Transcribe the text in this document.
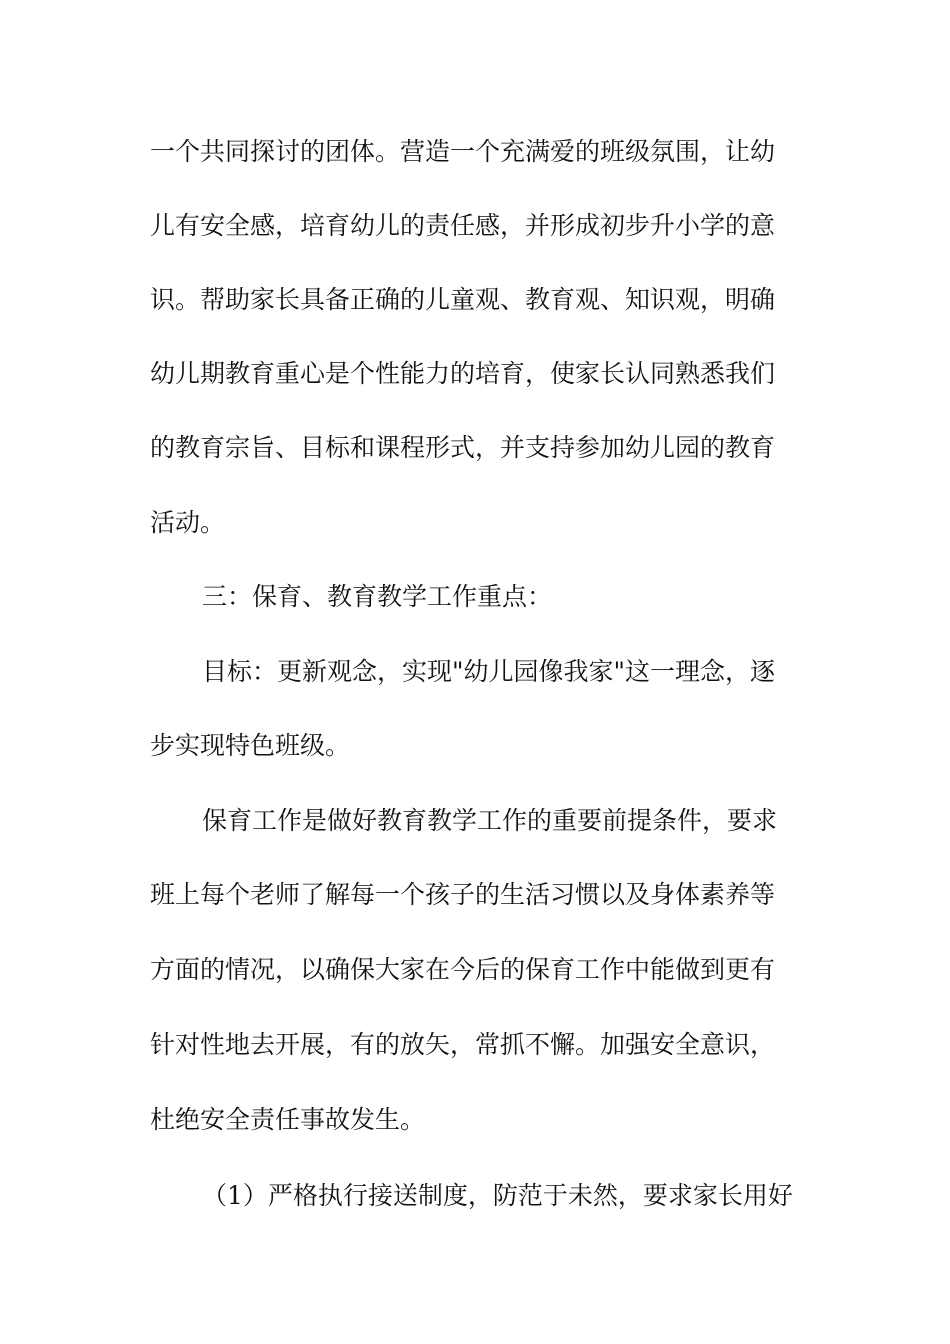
一个共同探讨的团体。营造一个充满爱的班级氛围，让幼
儿有安全感，培育幼儿的责任感，并形成初步升小学的意
识。帮助家长具备正确的儿童观、教育观、知识观，明确
幼儿期教育重心是个性能力的培育，使家长认同熟悉我们
的教育宗旨、目标和课程形式，并支持参加幼儿园的教育
活动。
三：保育、教育教学工作重点：
目标：更新观念，实现"幼儿园像我家"这一理念，逐
步实现特色班级。
保育工作是做好教育教学工作的重要前提条件，要求
班上每个老师了解每一个孩子的生活习惯以及身体素养等
方面的情况，以确保大家在今后的保育工作中能做到更有
针对性地去开展，有的放矢，常抓不懈。加强安全意识，
杜绝安全责任事故发生。
（1）严格执行接送制度，防范于未然，要求家长用好
